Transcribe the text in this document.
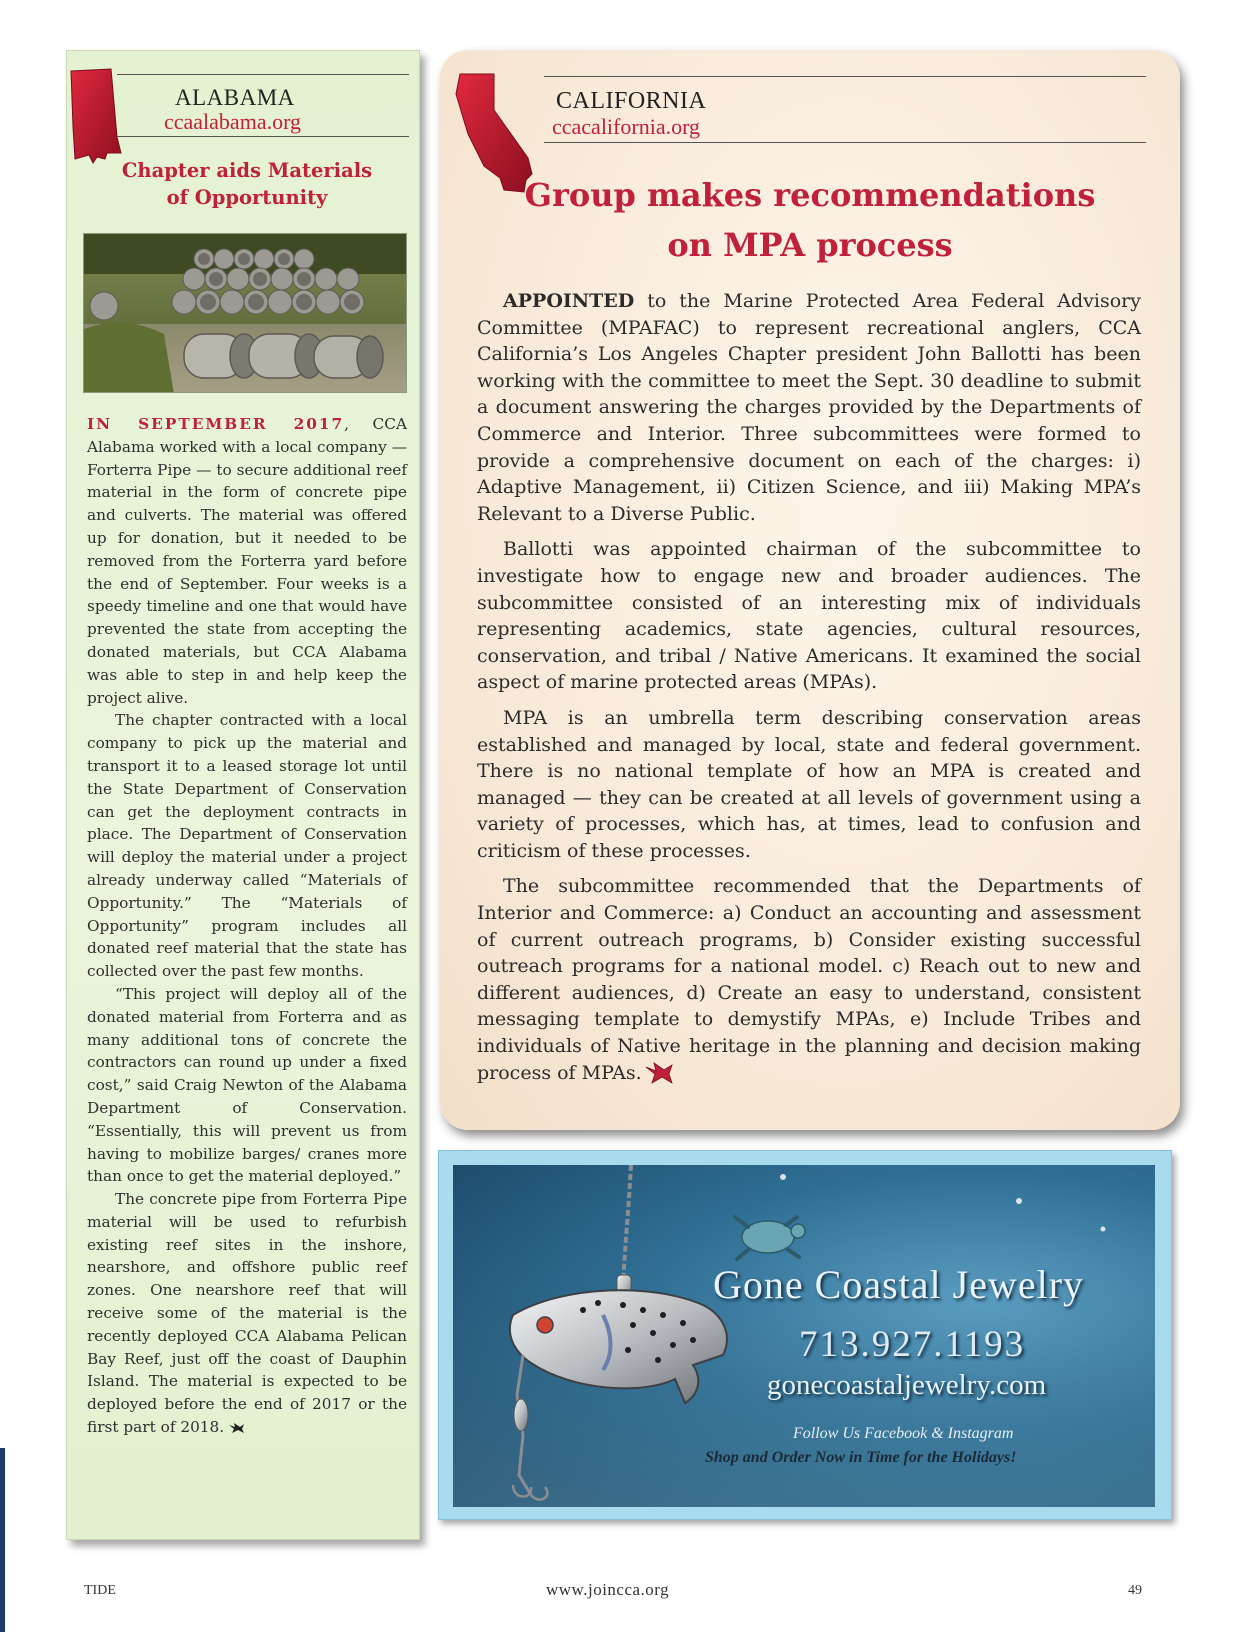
ALABAMA
ccaalabama.org
Chapter aids Materials
of Opportunity

IN SEPTEMBER 2017, CCA Alabama worked with a local company —Forterra Pipe — to secure additional reef material in the form of concrete pipe and culverts. The material was offered up for donation, but it needed to be removed from the Forterra yard before the end of September. Four weeks is a speedy timeline and one that would have prevented the state from accepting the donated materials, but CCA Alabama was able to step in and help keep the project alive.

The chapter contracted with a local company to pick up the material and transport it to a leased storage lot until the State Department of Conservation can get the deployment contracts in place. The Department of Conservation will deploy the material under a project already underway called “Materials of Opportunity.” The “Materials of Opportunity” program includes all donated reef material that the state has collected over the past few months.

“This project will deploy all of the donated material from Forterra and as many additional tons of concrete the contractors can round up under a fixed cost,” said Craig Newton of the Alabama Department of Conservation. “Essentially, this will prevent us from having to mobilize barges/ cranes more than once to get the material deployed.”

The concrete pipe from Forterra Pipe material will be used to refurbish existing reef sites in the inshore, nearshore, and offshore public reef zones. One nearshore reef that will receive some of the material is the recently deployed CCA Alabama Pelican Bay Reef, just off the coast of Dauphin Island. The material is expected to be deployed before the end of 2017 or the first part of 2018.

CALIFORNIA
ccacalifornia.org
Group makes recommendations
on MPA process

APPOINTED to the Marine Protected Area Federal Advisory Committee (MPAFAC) to represent recreational anglers, CCA California’s Los Angeles Chapter president John Ballotti has been working with the committee to meet the Sept. 30 deadline to submit a document answering the charges provided by the Departments of Commerce and Interior. Three subcommittees were formed to provide a comprehensive document on each of the charges: i) Adaptive Management, ii) Citizen Science, and iii) Making MPA’s Relevant to a Diverse Public.

Ballotti was appointed chairman of the subcommittee to investigate how to engage new and broader audiences. The subcommittee consisted of an interesting mix of individuals representing academics, state agencies, cultural resources, conservation, and tribal / Native Americans. It examined the social aspect of marine protected areas (MPAs).

MPA is an umbrella term describing conservation areas established and managed by local, state and federal government. There is no national template of how an MPA is created and managed — they can be created at all levels of government using a variety of processes, which has, at times, lead to confusion and criticism of these processes.

The subcommittee recommended that the Departments of Interior and Commerce: a) Conduct an accounting and assessment of current outreach programs, b) Consider existing successful outreach programs for a national model. c) Reach out to new and different audiences, d) Create an easy to understand, consistent messaging template to demystify MPAs, e) Include Tribes and individuals of Native heritage in the planning and decision making process of MPAs.

Gone Coastal Jewelry
713.927.1193
gonecoastaljewelry.com
Follow Us Facebook & Instagram
Shop and Order Now in Time for the Holidays!
TIDE	www.joincca.org	49
